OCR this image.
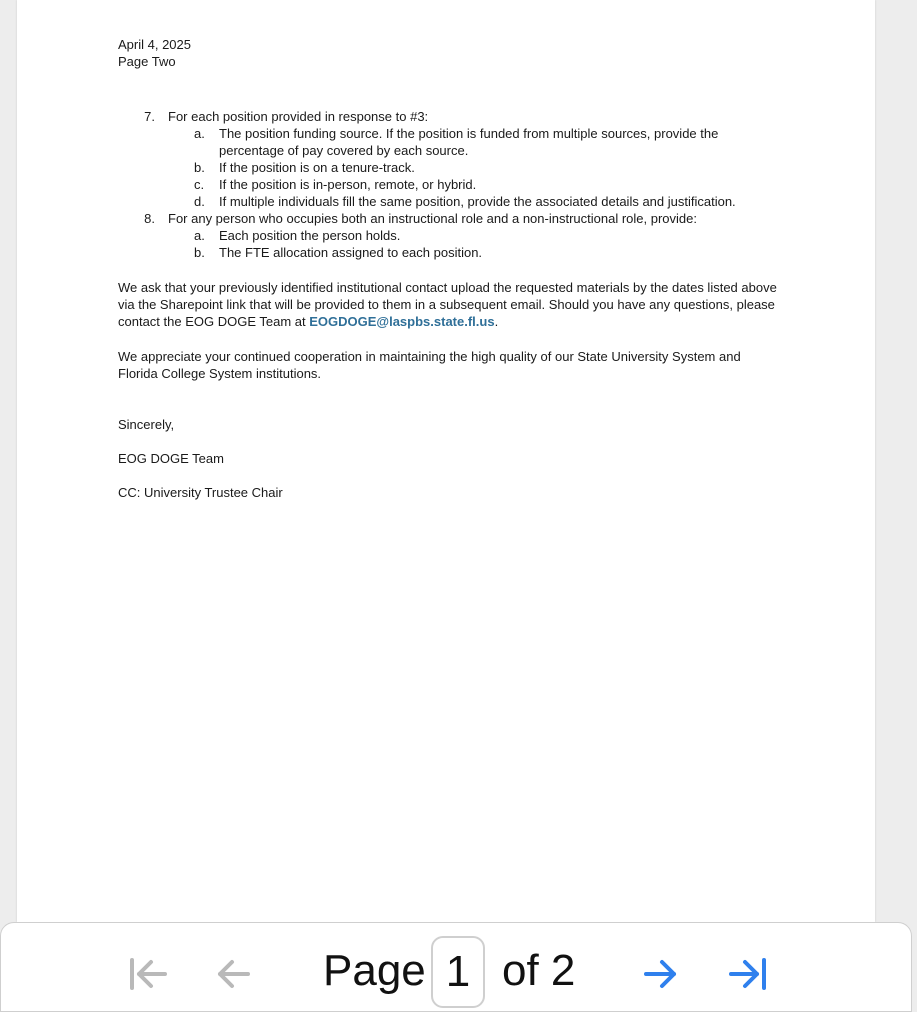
April 4, 2025

Page Two

7.	For each position provided in response to #3:
a.	The position funding source. If the position is funded from multiple sources, provide the percentage of pay covered by each source.
b.	If the position is on a tenure-track.
c.	If the position is in-person, remote, or hybrid.
d.	If multiple individuals fill the same position, provide the associated details and justification.
8.	For any person who occupies both an instructional role and a non-instructional role, provide:
a.	Each position the person holds.
b.	The FTE allocation assigned to each position.

We ask that your previously identified institutional contact upload the requested materials by the dates listed above via the Sharepoint link that will be provided to them in a subsequent email. Should you have any questions, please contact the EOG DOGE Team at EOGDOGE@laspbs.state.fl.us.

We appreciate your continued cooperation in maintaining the high quality of our State University System and Florida College System institutions.

Sincerely,

EOG DOGE Team

CC: University Trustee Chair

Page 1 of 2
